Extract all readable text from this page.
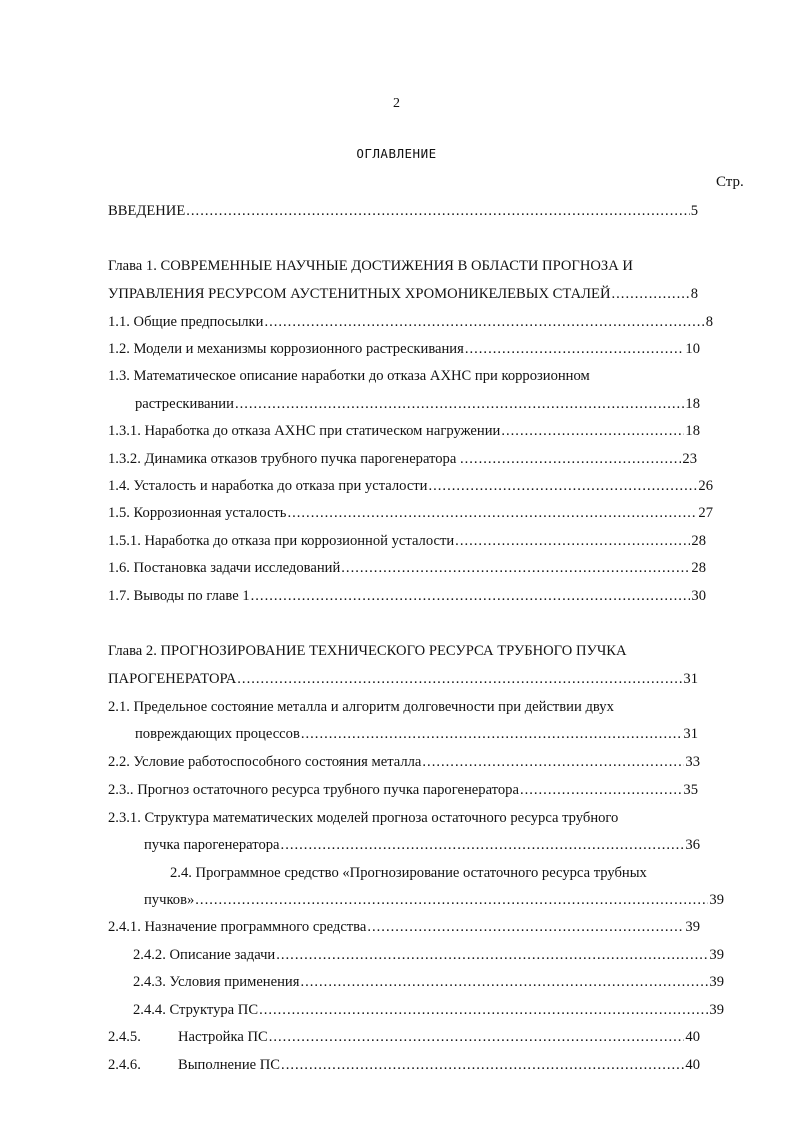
2
ОГЛАВЛЕНИЕ
Стр.
ВВЕДЕНИЕ .....	5
Глава 1. СОВРЕМЕННЫЕ НАУЧНЫЕ ДОСТИЖЕНИЯ В ОБЛАСТИ ПРОГНОЗА И
УПРАВЛЕНИЯ РЕСУРСОМ АУСТЕНИТНЫХ ХРОМОНИКЕЛЕВЫХ СТАЛЕЙ .....	8
1.1. Общие предпосылки .....	8
1.2. Модели и механизмы коррозионного растрескивания .....	10
1.3. Математическое описание наработки до отказа АХНС при коррозионном
растрескивании .....	18
1.3.1. Наработка до отказа АХНС при статическом нагружении .....	18
1.3.2. Динамика отказов трубного пучка парогенератора . .....	23
1.4. Усталость и наработка до отказа при усталости .....	26
1.5. Коррозионная усталость .....	27
1.5.1. Наработка до отказа при коррозионной усталости .....	28
1.6. Постановка задачи исследований .....	28
1.7. Выводы по главе 1 .....	30
Глава 2. ПРОГНОЗИРОВАНИЕ ТЕХНИЧЕСКОГО РЕСУРСА ТРУБНОГО ПУЧКА
ПАРОГЕНЕРАТОРА .....	31
2.1. Предельное состояние металла и алгоритм долговечности при действии двух
повреждающих процессов .....	31
2.2. Условие работоспособного состояния металла .....	33
2.3.. Прогноз остаточного ресурса трубного пучка парогенератора .....	35
2.3.1. Структура математических моделей прогноза остаточного ресурса трубного
пучка парогенератора .....	36
2.4. Программное средство «Прогнозирование остаточного ресурса трубных
пучков» .....	39
2.4.1. Назначение программного средства .....	39
2.4.2. Описание задачи .....	39
2.4.3. Условия применения .....	39
2.4.4. Структура ПС .....	39
2.4.5.	Настройка ПС .....	40
2.4.6.	Выполнение ПС .....	40
